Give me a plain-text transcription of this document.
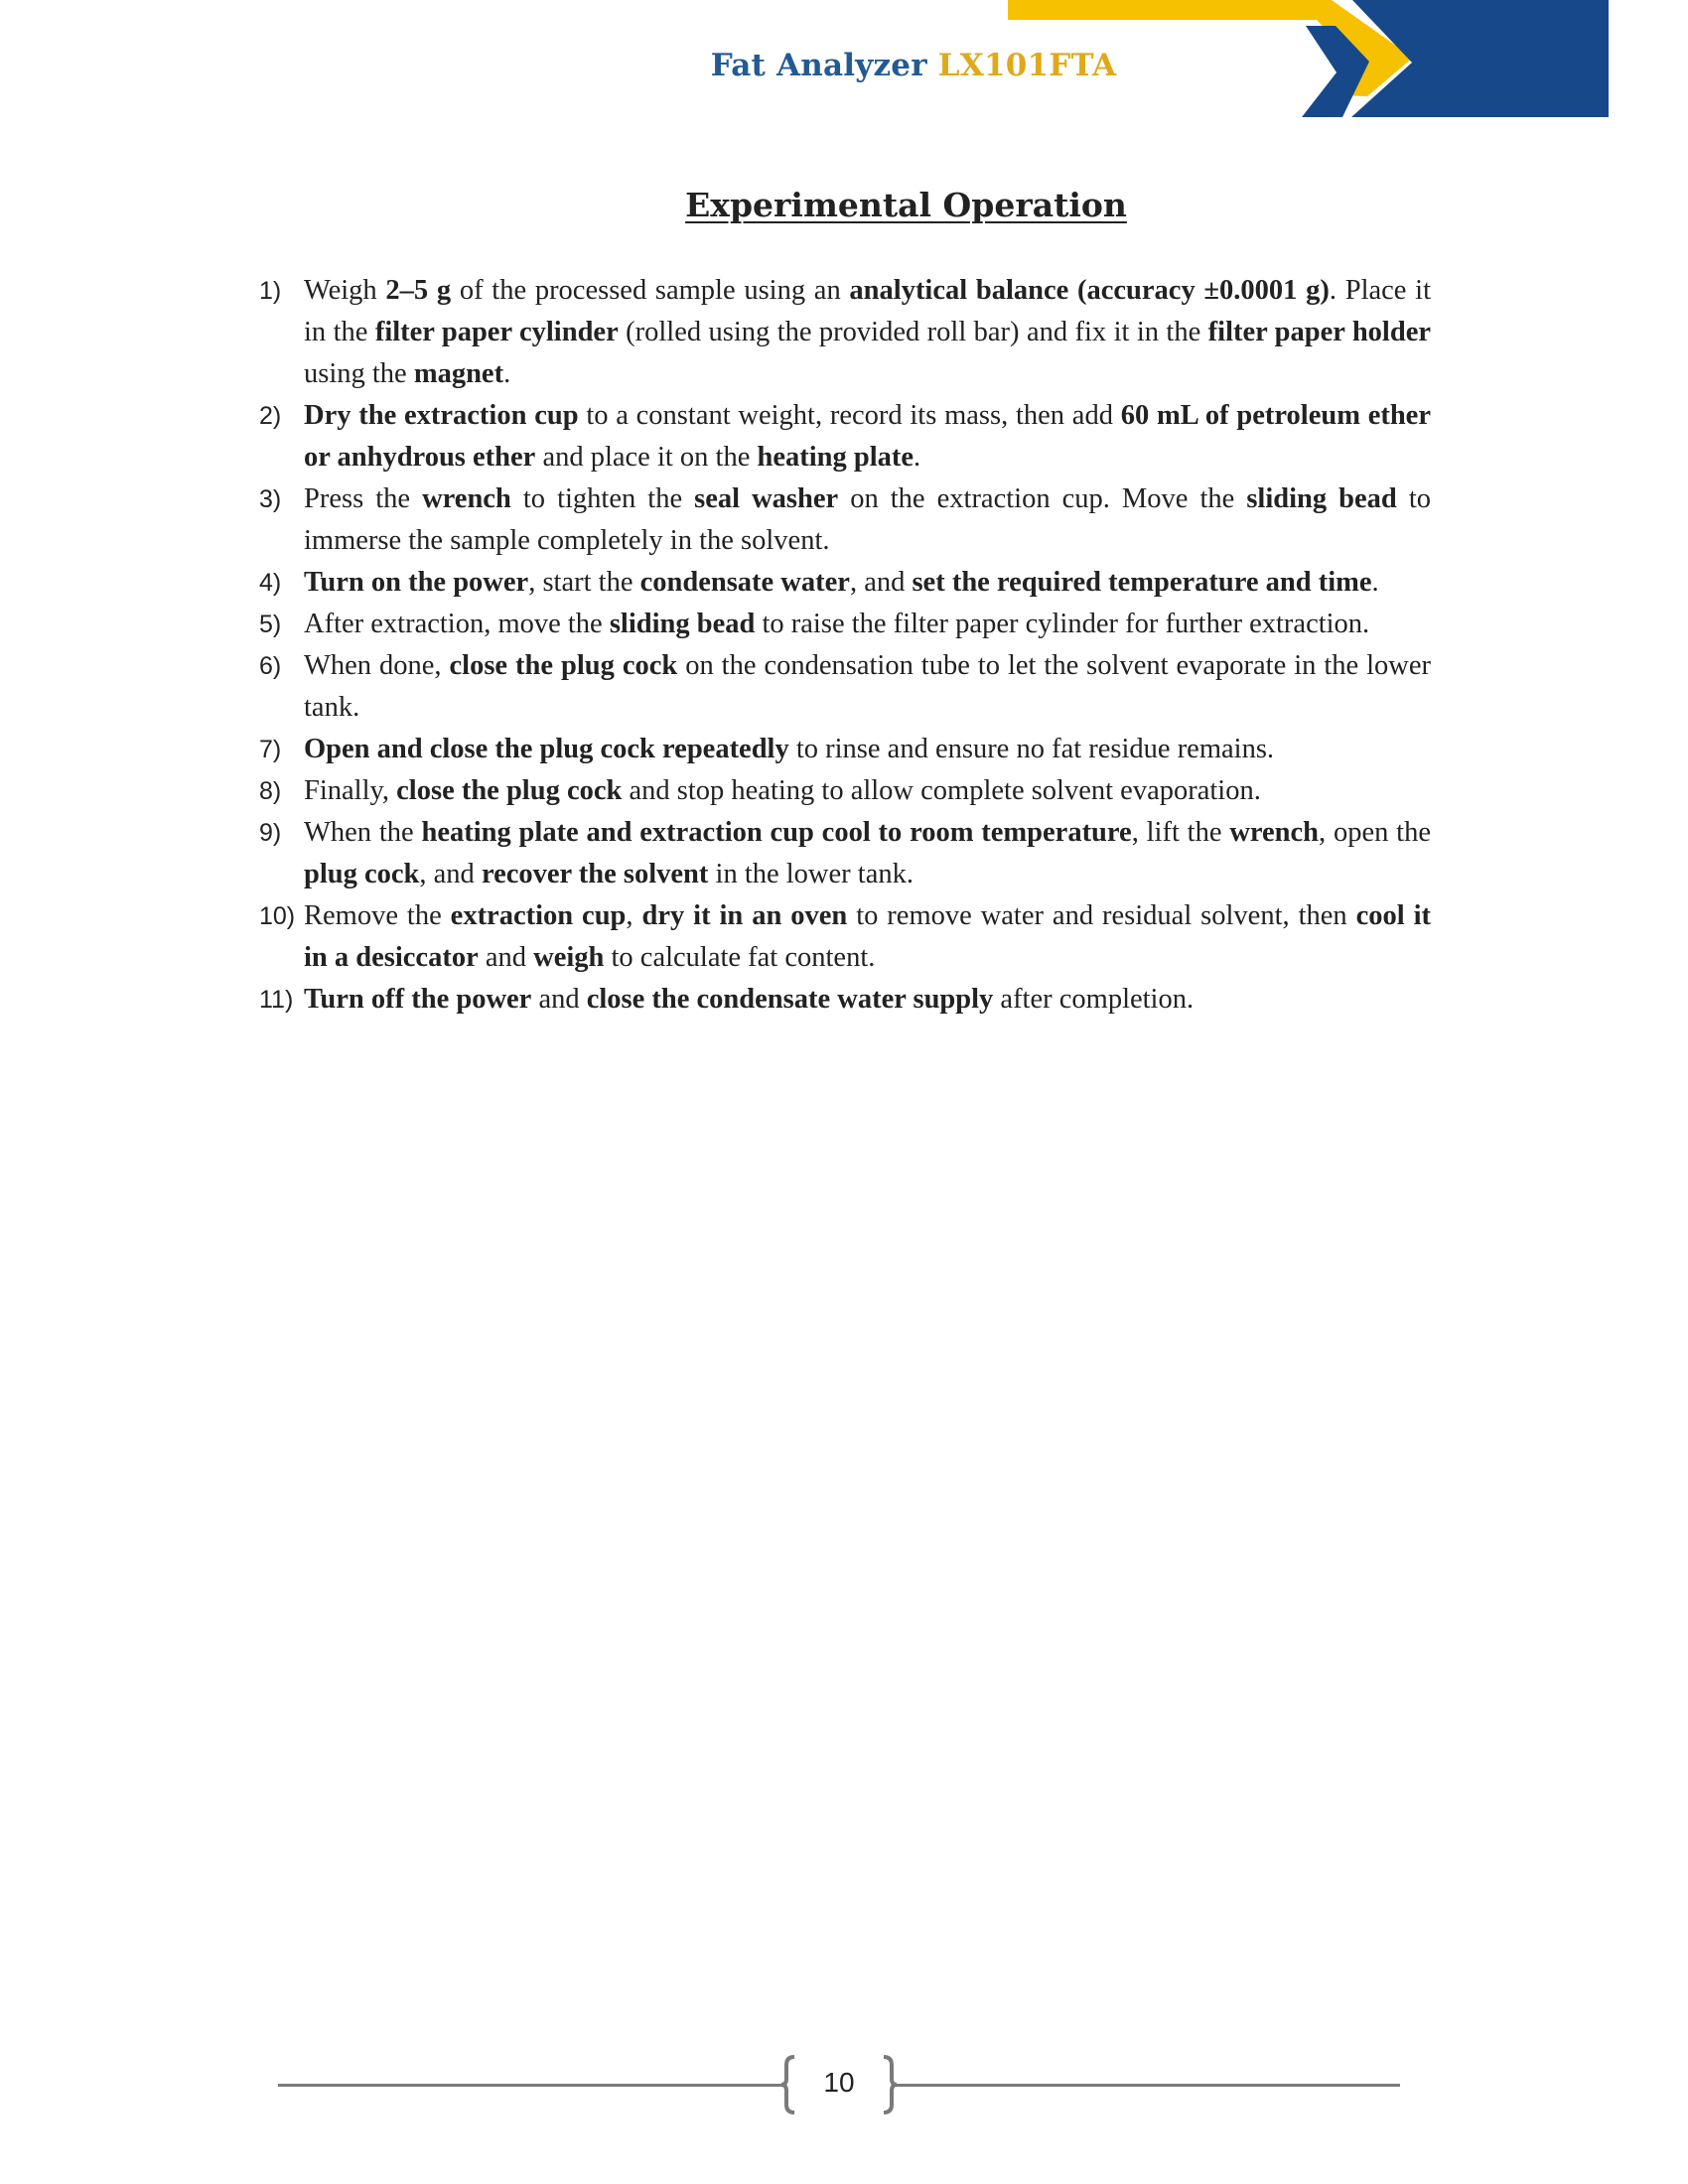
Fat Analyzer LX101FTA
Experimental Operation
1) Weigh 2–5 g of the processed sample using an analytical balance (accuracy ±0.0001 g). Place it in the filter paper cylinder (rolled using the provided roll bar) and fix it in the filter paper holder using the magnet.
2) Dry the extraction cup to a constant weight, record its mass, then add 60 mL of petroleum ether or anhydrous ether and place it on the heating plate.
3) Press the wrench to tighten the seal washer on the extraction cup. Move the sliding bead to immerse the sample completely in the solvent.
4) Turn on the power, start the condensate water, and set the required temperature and time.
5) After extraction, move the sliding bead to raise the filter paper cylinder for further extraction.
6) When done, close the plug cock on the condensation tube to let the solvent evaporate in the lower tank.
7) Open and close the plug cock repeatedly to rinse and ensure no fat residue remains.
8) Finally, close the plug cock and stop heating to allow complete solvent evaporation.
9) When the heating plate and extraction cup cool to room temperature, lift the wrench, open the plug cock, and recover the solvent in the lower tank.
10) Remove the extraction cup, dry it in an oven to remove water and residual solvent, then cool it in a desiccator and weigh to calculate fat content.
11) Turn off the power and close the condensate water supply after completion.
10
